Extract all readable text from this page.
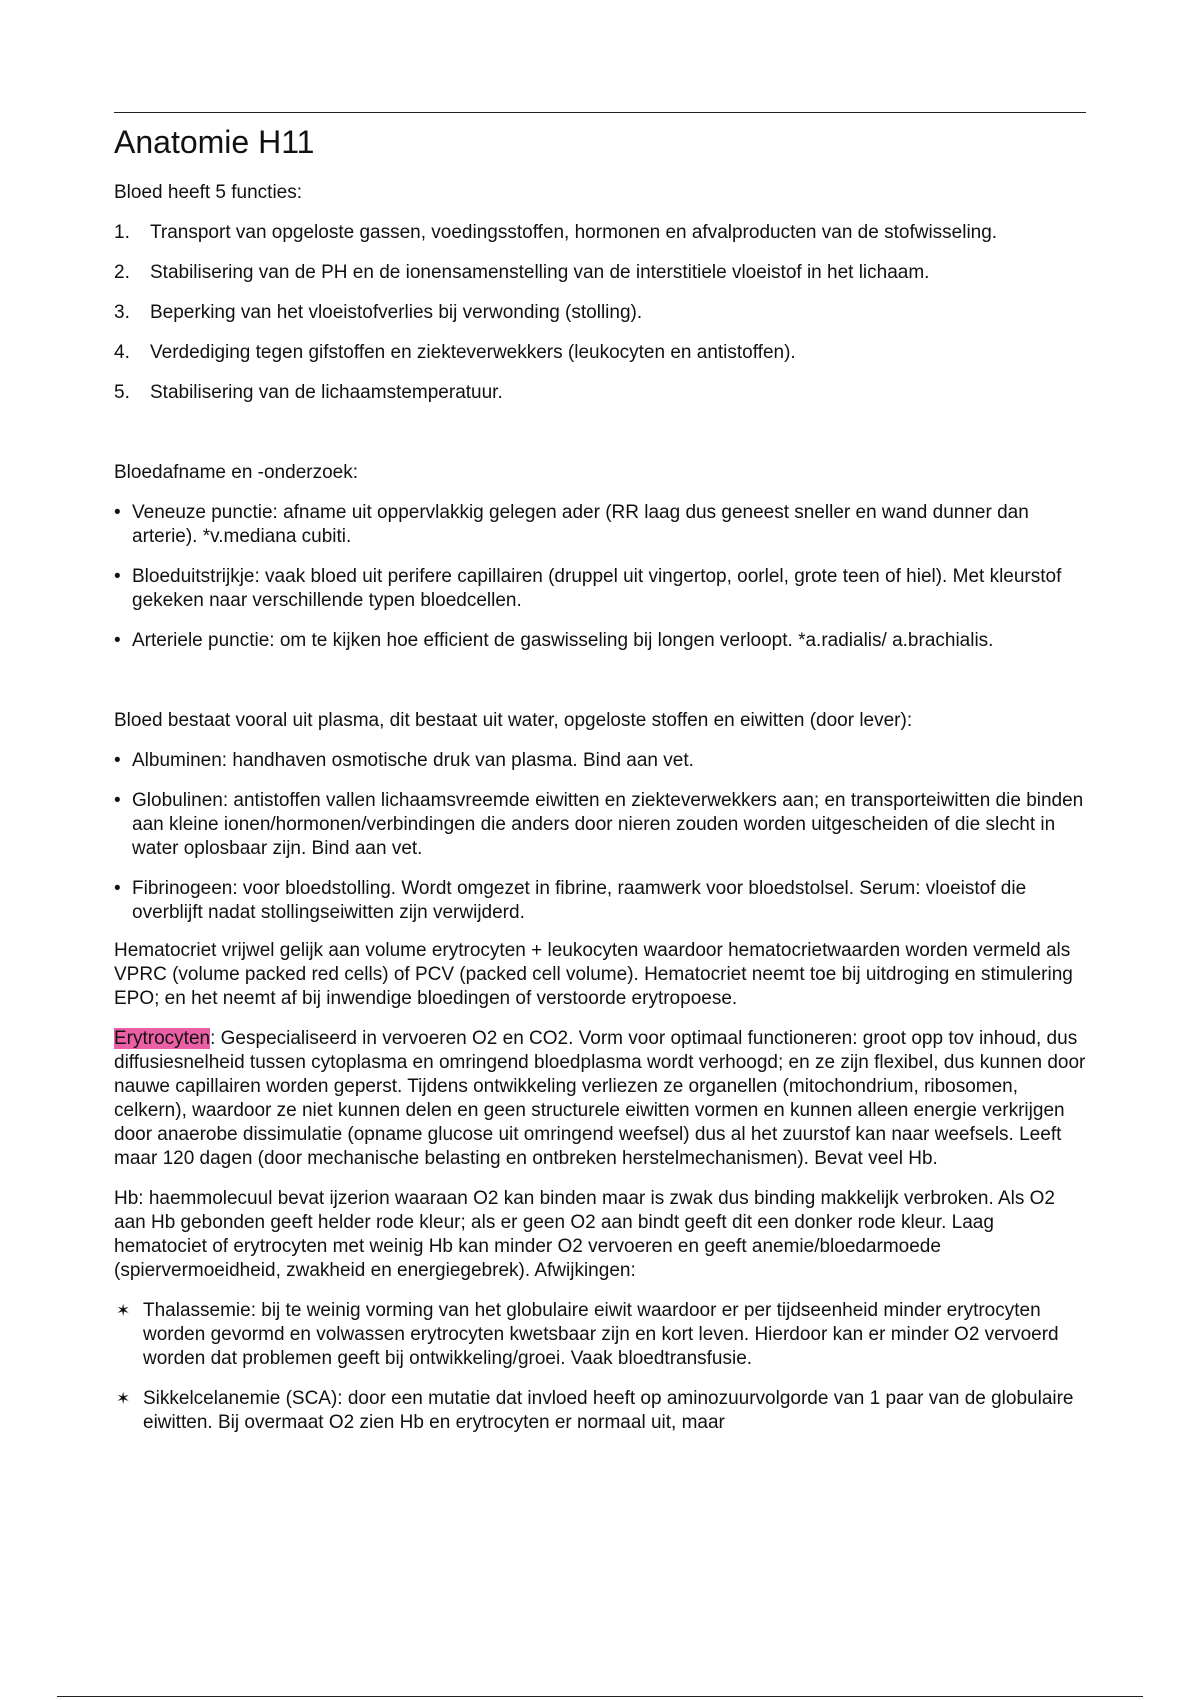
Anatomie H11

Bloed heeft 5 functies:

1. Transport van opgeloste gassen, voedingsstoffen, hormonen en afvalproducten van de stofwisseling.
2. Stabilisering van de PH en de ionensamenstelling van de interstitiele vloeistof in het lichaam.
3. Beperking van het vloeistofverlies bij verwonding (stolling).
4. Verdediging tegen gifstoffen en ziekteverwekkers (leukocyten en antistoffen).
5. Stabilisering van de lichaamstemperatuur.

Bloedafname en -onderzoek:

• Veneuze punctie: afname uit oppervlakkig gelegen ader (RR laag dus geneest sneller en wand dunner dan arterie). *v.mediana cubiti.
• Bloeduitstrijkje: vaak bloed uit perifere capillairen (druppel uit vingertop, oorlel, grote teen of hiel). Met kleurstof gekeken naar verschillende typen bloedcellen.
• Arteriele punctie: om te kijken hoe efficient de gaswisseling bij longen verloopt. *a.radialis/ a.brachialis.

Bloed bestaat vooral uit plasma, dit bestaat uit water, opgeloste stoffen en eiwitten (door lever):

• Albuminen: handhaven osmotische druk van plasma. Bind aan vet.
• Globulinen: antistoffen vallen lichaamsvreemde eiwitten en ziekteverwekkers aan; en transporteiwitten die binden aan kleine ionen/hormonen/verbindingen die anders door nieren zouden worden uitgescheiden of die slecht in water oplosbaar zijn. Bind aan vet.
• Fibrinogeen: voor bloedstolling. Wordt omgezet in fibrine, raamwerk voor bloedstolsel. Serum: vloeistof die overblijft nadat stollingseiwitten zijn verwijderd.

Hematocriet vrijwel gelijk aan volume erytrocyten + leukocyten waardoor hematocrietwaarden worden vermeld als VPRC (volume packed red cells) of PCV (packed cell volume). Hematocriet neemt toe bij uitdroging en stimulering EPO; en het neemt af bij inwendige bloedingen of verstoorde erytropoese.

Erytrocyten: Gespecialiseerd in vervoeren O2 en CO2. Vorm voor optimaal functioneren: groot opp tov inhoud, dus diffusiesnelheid tussen cytoplasma en omringend bloedplasma wordt verhoogd; en ze zijn flexibel, dus kunnen door nauwe capillairen worden geperst. Tijdens ontwikkeling verliezen ze organellen (mitochondrium, ribosomen, celkern), waardoor ze niet kunnen delen en geen structurele eiwitten vormen en kunnen alleen energie verkrijgen door anaerobe dissimulatie (opname glucose uit omringend weefsel) dus al het zuurstof kan naar weefsels. Leeft maar 120 dagen (door mechanische belasting en ontbreken herstelmechanismen). Bevat veel Hb.

Hb: haemmolecuul bevat ijzerion waaraan O2 kan binden maar is zwak dus binding makkelijk verbroken. Als O2 aan Hb gebonden geeft helder rode kleur; als er geen O2 aan bindt geeft dit een donker rode kleur. Laag hematociet of erytrocyten met weinig Hb kan minder O2 vervoeren en geeft anemie/bloedarmoede (spiervermoeidheid, zwakheid en energiegebrek). Afwijkingen:

✶ Thalassemie: bij te weinig vorming van het globulaire eiwit waardoor er per tijdseenheid minder erytrocyten worden gevormd en volwassen erytrocyten kwetsbaar zijn en kort leven. Hierdoor kan er minder O2 vervoerd worden dat problemen geeft bij ontwikkeling/groei. Vaak bloedtransfusie.
✶ Sikkelcelanemie (SCA): door een mutatie dat invloed heeft op aminozuurvolgorde van 1 paar van de globulaire eiwitten. Bij overmaat O2 zien Hb en erytrocyten er normaal uit, maar
